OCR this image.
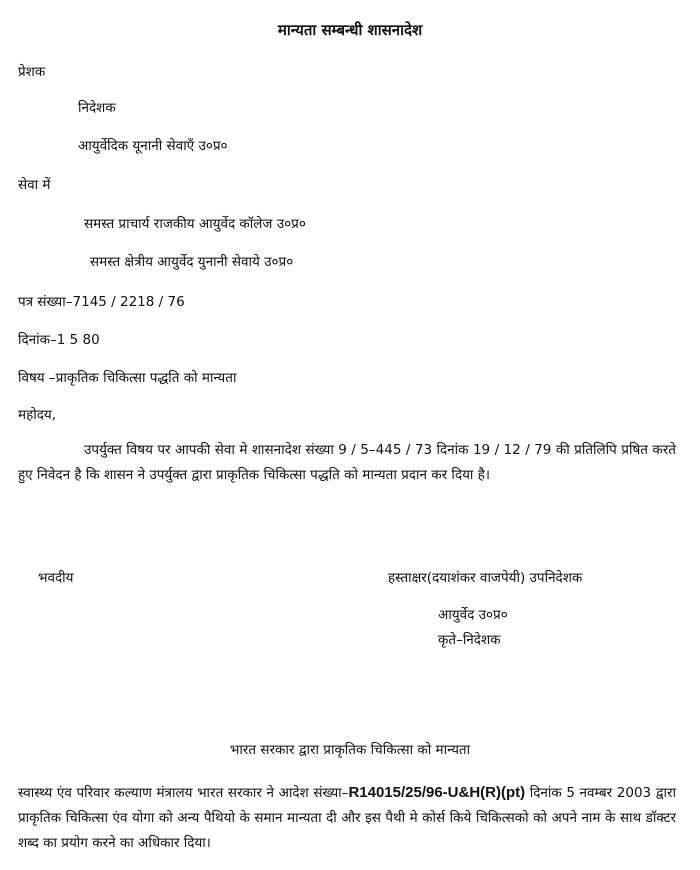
मान्यता सम्बन्धी शासनादेश
प्रेशक
निदेशक
आयुर्वेदिक यूनानी सेवाएँ उ०प्र०
सेवा में
समस्त प्राचार्य राजकीय आयुर्वेद कॉलेज उ०प्र०
समस्त क्षेत्रीय आयुर्वेद युनानी सेवाये उ०प्र०
पत्र संख्या–7145 / 2218 / 76
दिनांक–1 5 80
विषय –प्राकृतिक चिकित्सा पद्धति को मान्यता
महोदय,
उपर्युक्त विषय पर आपकी सेवा मे शासनादेश संख्या 9 / 5–445 / 73 दिनांक 19 / 12 / 79 की प्रतिलिपि प्रषित करते हुए निवेदन है कि शासन ने उपर्युक्त द्वारा प्राकृतिक चिकित्सा पद्धति को मान्यता प्रदान कर दिया है।
भवदीय	हस्ताक्षर(दयाशंकर वाजपेयी) उपनिदेशक
आयुर्वेद उ०प्र०
कृते–निदेशक
भारत सरकार द्वारा प्राकृतिक चिकित्सा को मान्यता
स्वास्थ्य एंव परिवार कल्याण मंत्रालय भारत सरकार ने आदेश संख्या–R14015/25/96-U&H(R)(pt) दिनांक 5 नवम्बर 2003 द्वारा प्राकृतिक चिकित्सा एंव योगा को अन्य पैथियो के समान मान्यता दी और इस पैथी मे कोर्स किये चिकित्सको को अपने नाम के साथ डॉक्टर शब्द का प्रयोग करने का अधिकार दिया।
